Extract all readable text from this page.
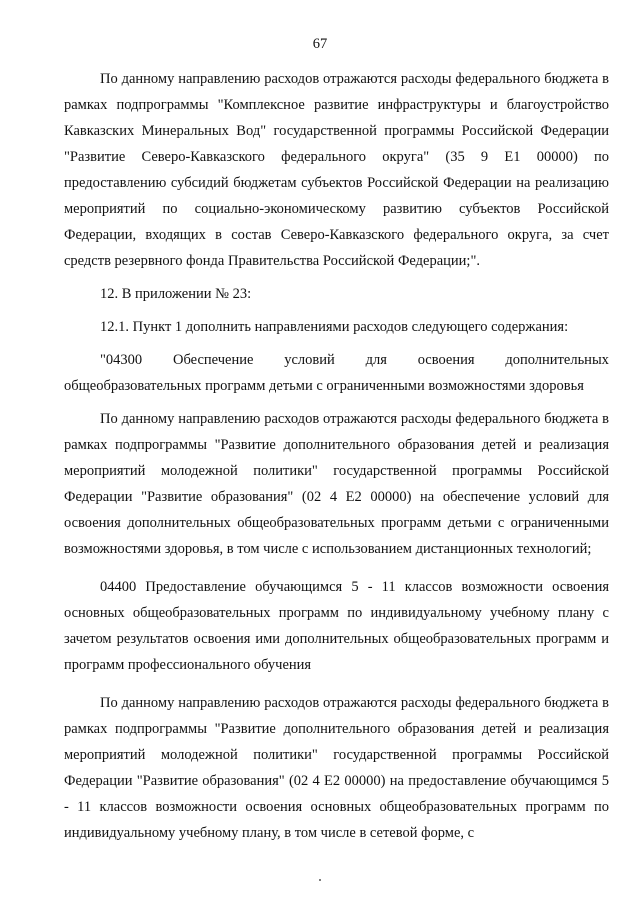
67

По данному направлению расходов отражаются расходы федерального бюджета в рамках подпрограммы "Комплексное развитие инфраструктуры и благоустройство Кавказских Минеральных Вод" государственной программы Российской Федерации "Развитие Северо-Кавказского федерального округа" (35 9 Е1 00000) по предоставлению субсидий бюджетам субъектов Российской Федерации на реализацию мероприятий по социально-экономическому развитию субъектов Российской Федерации, входящих в состав Северо-Кавказского федерального округа, за счет средств резервного фонда Правительства Российской Федерации;".

12. В приложении № 23:

12.1. Пункт 1 дополнить направлениями расходов следующего содержания:

"04300 Обеспечение условий для освоения дополнительных

общеобразовательных программ детьми с ограниченными возможностями здоровья

По данному направлению расходов отражаются расходы федерального бюджета в рамках подпрограммы "Развитие дополнительного образования детей и реализация мероприятий молодежной политики" государственной программы Российской Федерации "Развитие образования" (02 4 Е2 00000) на обеспечение условий для освоения дополнительных общеобразовательных программ детьми с ограниченными возможностями здоровья, в том числе с использованием дистанционных технологий;

04400 Предоставление обучающимся 5 - 11 классов возможности освоения основных общеобразовательных программ по индивидуальному учебному плану с зачетом результатов освоения ими дополнительных общеобразовательных программ и программ профессионального обучения

По данному направлению расходов отражаются расходы федерального бюджета в рамках подпрограммы "Развитие дополнительного образования детей и реализация мероприятий молодежной политики" государственной программы Российской Федерации "Развитие образования" (02 4 Е2 00000) на предоставление обучающимся 5 - 11 классов возможности освоения основных общеобразовательных программ по индивидуальному учебному плану, в том числе в сетевой форме, с
